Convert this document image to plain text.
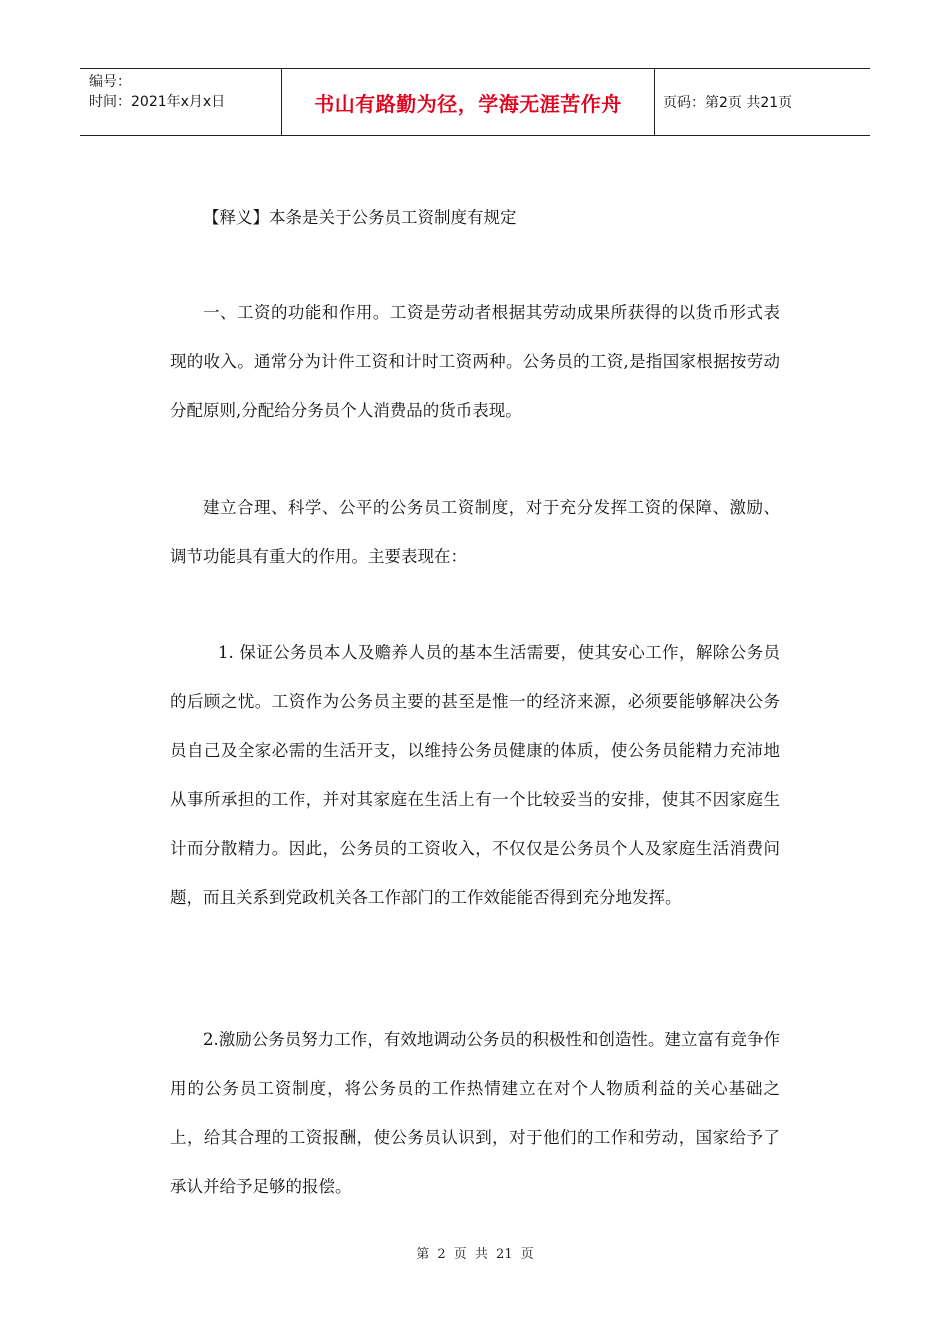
编号：
时间：2021年x月x日	书山有路勤为径，学海无涯苦作舟	页码：第2页 共21页

【释义】本条是关于公务员工资制度有规定

一、工资的功能和作用。工资是劳动者根据其劳动成果所获得的以货币形式表现的收入。通常分为计件工资和计时工资两种。公务员的工资,是指国家根据按劳动分配原则,分配给分务员个人消费品的货币表现。

建立合理、科学、公平的公务员工资制度，对于充分发挥工资的保障、激励、调节功能具有重大的作用。主要表现在：

1. 保证公务员本人及赡养人员的基本生活需要，使其安心工作，解除公务员的后顾之忧。工资作为公务员主要的甚至是惟一的经济来源，必须要能够解决公务员自己及全家必需的生活开支，以维持公务员健康的体质，使公务员能精力充沛地从事所承担的工作，并对其家庭在生活上有一个比较妥当的安排，使其不因家庭生计而分散精力。因此，公务员的工资收入，不仅仅是公务员个人及家庭生活消费问题，而且关系到党政机关各工作部门的工作效能能否得到充分地发挥。

2.激励公务员努力工作，有效地调动公务员的积极性和创造性。建立富有竞争作用的公务员工资制度，将公务员的工作热情建立在对个人物质利益的关心基础之上，给其合理的工资报酬，使公务员认识到，对于他们的工作和劳动，国家给予了承认并给予足够的报偿。

第 2 页 共 21 页
